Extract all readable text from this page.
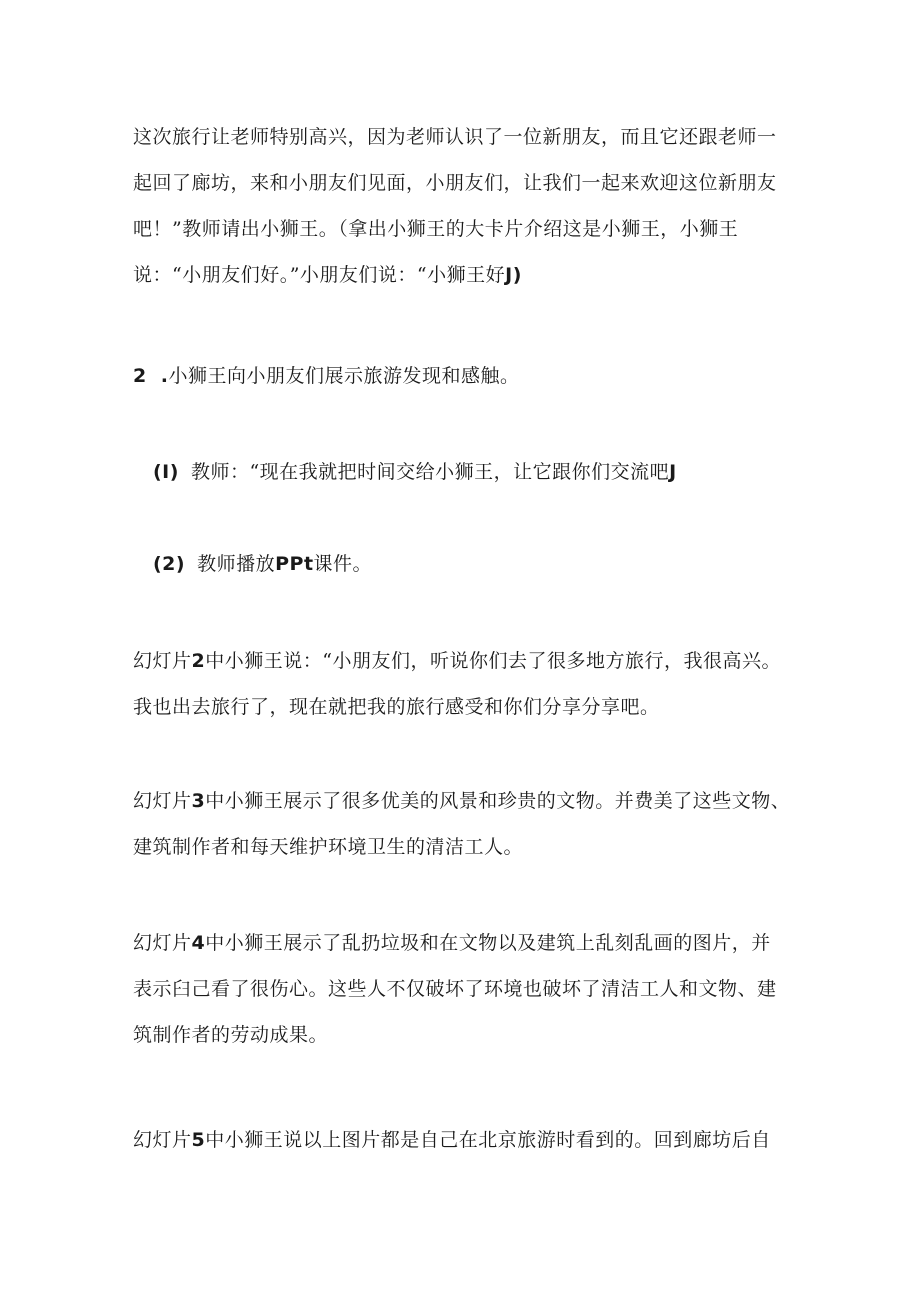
这次旅行让老师特别高兴，因为老师认识了一位新朋友，而且它还跟老师一
起回了廊坊，来和小朋友们见面，小朋友们，让我们一起来欢迎这位新朋友
吧！”教师请出小狮王。（拿出小狮王的大卡片介绍这是小狮王，小狮王
说：“小朋友们好。”小朋友们说：“小狮王好J)

2 .小狮王向小朋友们展示旅游发现和感触。

(I) 教师：“现在我就把时间交给小狮王，让它跟你们交流吧J

(2) 教师播放PPt课件。

幻灯片2中小狮王说：“小朋友们，听说你们去了很多地方旅行，我很高兴。
我也出去旅行了，现在就把我的旅行感受和你们分享分享吧。

幻灯片3中小狮王展示了很多优美的风景和珍贵的文物。并费美了这些文物、
建筑制作者和每天维护环境卫生的清洁工人。

幻灯片4中小狮王展示了乱扔垃圾和在文物以及建筑上乱刻乱画的图片，并
表示臼己看了很伤心。这些人不仅破坏了环境也破坏了清洁工人和文物、建
筑制作者的劳动成果。

幻灯片5中小狮王说以上图片都是自己在北京旅游时看到的。回到廊坊后自
